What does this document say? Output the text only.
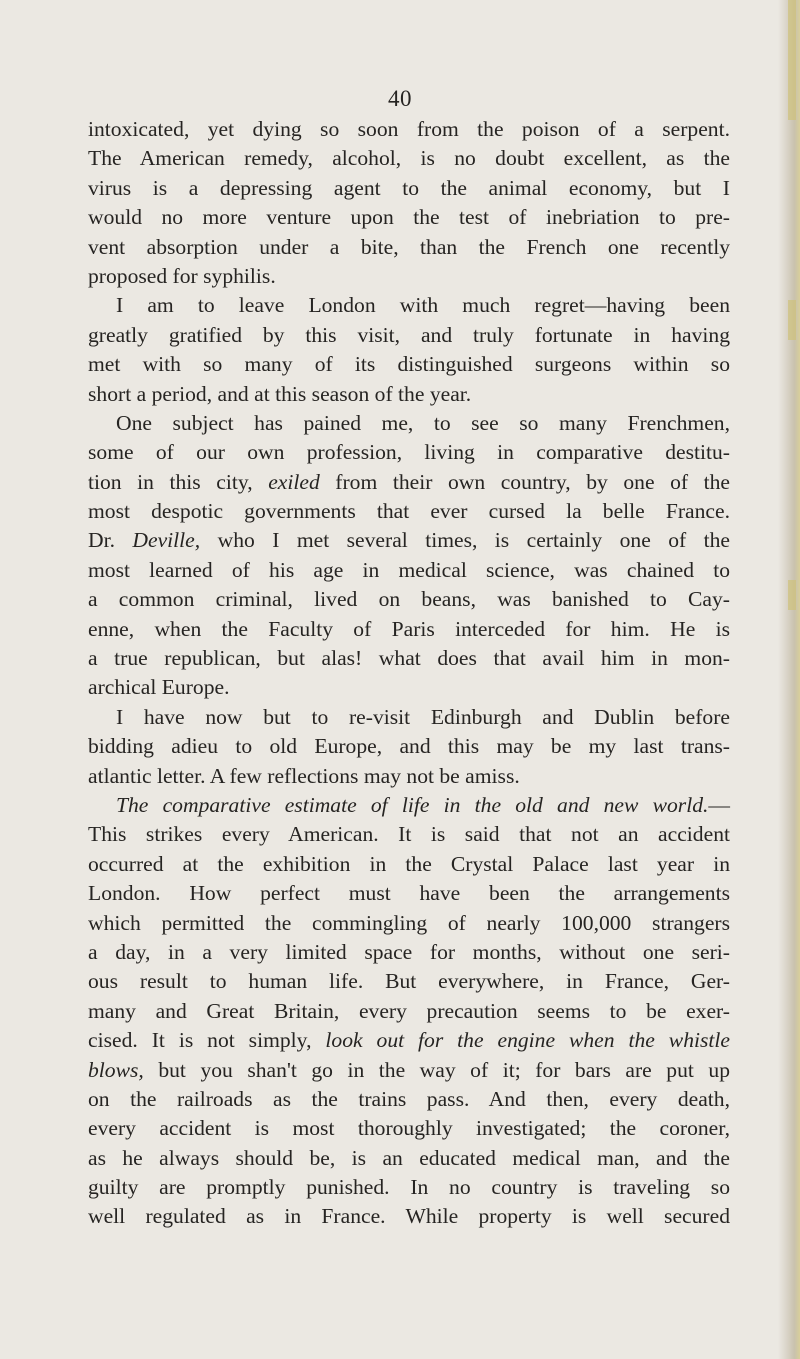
40
intoxicated, yet dying so soon from the poison of a serpent.
The American remedy, alcohol, is no doubt excellent, as the
virus is a depressing agent to the animal economy, but I
would no more venture upon the test of inebriation to pre-
vent absorption under a bite, than the French one recently
proposed for syphilis.
I am to leave London with much regret—having been
greatly gratified by this visit, and truly fortunate in having
met with so many of its distinguished surgeons within so
short a period, and at this season of the year.
One subject has pained me, to see so many Frenchmen,
some of our own profession, living in comparative destitu-
tion in this city, exiled from their own country, by one of the
most despotic governments that ever cursed la belle France.
Dr. Deville, who I met several times, is certainly one of the
most learned of his age in medical science, was chained to
a common criminal, lived on beans, was banished to Cay-
enne, when the Faculty of Paris interceded for him. He is
a true republican, but alas! what does that avail him in mon-
archical Europe.
I have now but to re-visit Edinburgh and Dublin before
bidding adieu to old Europe, and this may be my last trans-
atlantic letter. A few reflections may not be amiss.
The comparative estimate of life in the old and new world.—
This strikes every American. It is said that not an accident
occurred at the exhibition in the Crystal Palace last year in
London. How perfect must have been the arrangements
which permitted the commingling of nearly 100,000 strangers
a day, in a very limited space for months, without one seri-
ous result to human life. But everywhere, in France, Ger-
many and Great Britain, every precaution seems to be exer-
cised. It is not simply, look out for the engine when the whistle
blows, but you shan't go in the way of it; for bars are put up
on the railroads as the trains pass. And then, every death,
every accident is most thoroughly investigated; the coroner,
as he always should be, is an educated medical man, and the
guilty are promptly punished. In no country is traveling so
well regulated as in France. While property is well secured
